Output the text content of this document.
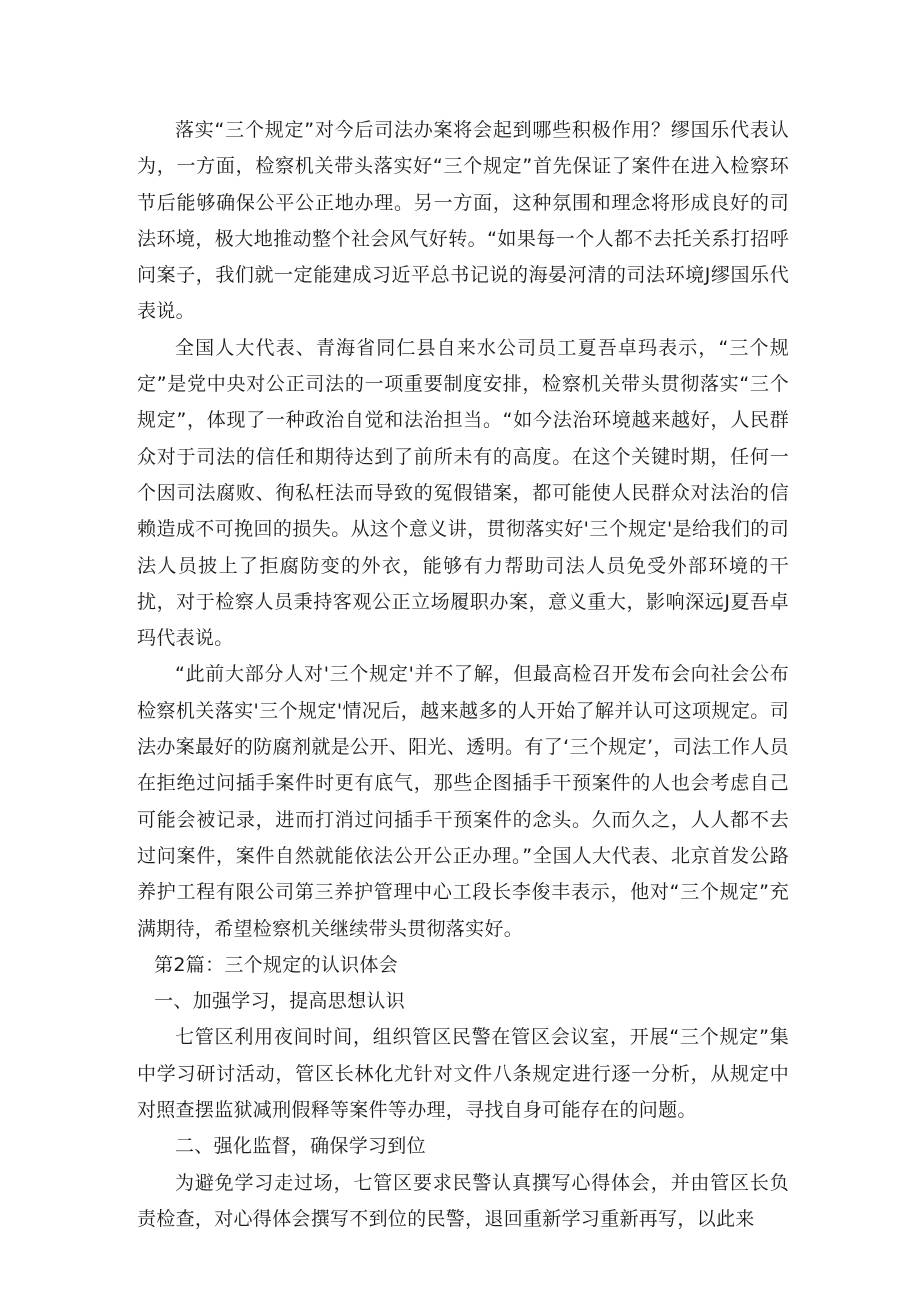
落实“三个规定”对今后司法办案将会起到哪些积极作用？缪国乐代表认为，一方面，检察机关带头落实好“三个规定”首先保证了案件在进入检察环节后能够确保公平公正地办理。另一方面，这种氛围和理念将形成良好的司法环境，极大地推动整个社会风气好转。“如果每一个人都不去托关系打招呼问案子，我们就一定能建成习近平总书记说的海晏河清的司法环境J缪国乐代表说。

全国人大代表、青海省同仁县自来水公司员工夏吾卓玛表示，“三个规定”是党中央对公正司法的一项重要制度安排，检察机关带头贯彻落实“三个规定”，体现了一种政治自觉和法治担当。“如今法治环境越来越好，人民群众对于司法的信任和期待达到了前所未有的高度。在这个关键时期，任何一个因司法腐败、徇私枉法而导致的冤假错案，都可能使人民群众对法治的信赖造成不可挽回的损失。从这个意义讲，贯彻落实好'三个规定'是给我们的司法人员披上了拒腐防变的外衣，能够有力帮助司法人员免受外部环境的干扰，对于检察人员秉持客观公正立场履职办案，意义重大，影响深远J夏吾卓玛代表说。

“此前大部分人对'三个规定'并不了解，但最高检召开发布会向社会公布检察机关落实'三个规定'情况后，越来越多的人开始了解并认可这项规定。司法办案最好的防腐剂就是公开、阳光、透明。有了‘三个规定’，司法工作人员在拒绝过问插手案件时更有底气，那些企图插手干预案件的人也会考虑自己可能会被记录，进而打消过问插手干预案件的念头。久而久之，人人都不去过问案件，案件自然就能依法公开公正办理。”全国人大代表、北京首发公路养护工程有限公司第三养护管理中心工段长李俊丰表示，他对“三个规定”充满期待，希望检察机关继续带头贯彻落实好。

第2篇：三个规定的认识体会

一、加强学习，提高思想认识

七管区利用夜间时间，组织管区民警在管区会议室，开展“三个规定”集中学习研讨活动，管区长林化尤针对文件八条规定进行逐一分析，从规定中对照查摆监狱减刑假释等案件等办理，寻找自身可能存在的问题。

二、强化监督，确保学习到位

为避免学习走过场，七管区要求民警认真撰写心得体会，并由管区长负责检查，对心得体会撰写不到位的民警，退回重新学习重新再写，以此来
